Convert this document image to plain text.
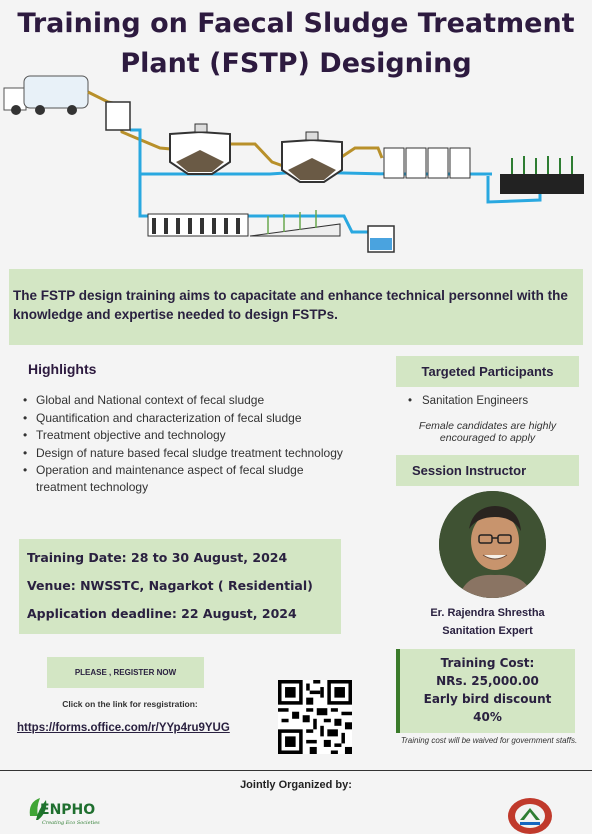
Training on Faecal Sludge Treatment
Plant (FSTP) Designing
The FSTP design training aims to capacitate and enhance technical personnel with the knowledge and expertise needed to design FSTPs.
Highlights
• Global and National context of fecal sludge
• Quantification and characterization of fecal sludge
• Treatment objective and technology
• Design of nature based fecal sludge treatment technology
• Operation and maintenance aspect of fecal sludge treatment technology
Training Date: 28 to 30 August, 2024
Venue: NWSSTC, Nagarkot ( Residential)
Application deadline: 22 August, 2024
PLEASE , REGISTER NOW
Click on the link for resgistration:
https://forms.office.com/r/YYp4ru9YUG
Targeted Participants
• Sanitation Engineers
Female candidates are highly encouraged to apply
Session Instructor
Er. Rajendra Shrestha
Sanitation Expert
Training Cost:
NRs. 25,000.00
Early bird discount
40%
Training cost will be waived for government staffs.
Jointly Organized by:
ENPHO
Creating Eco Societies
